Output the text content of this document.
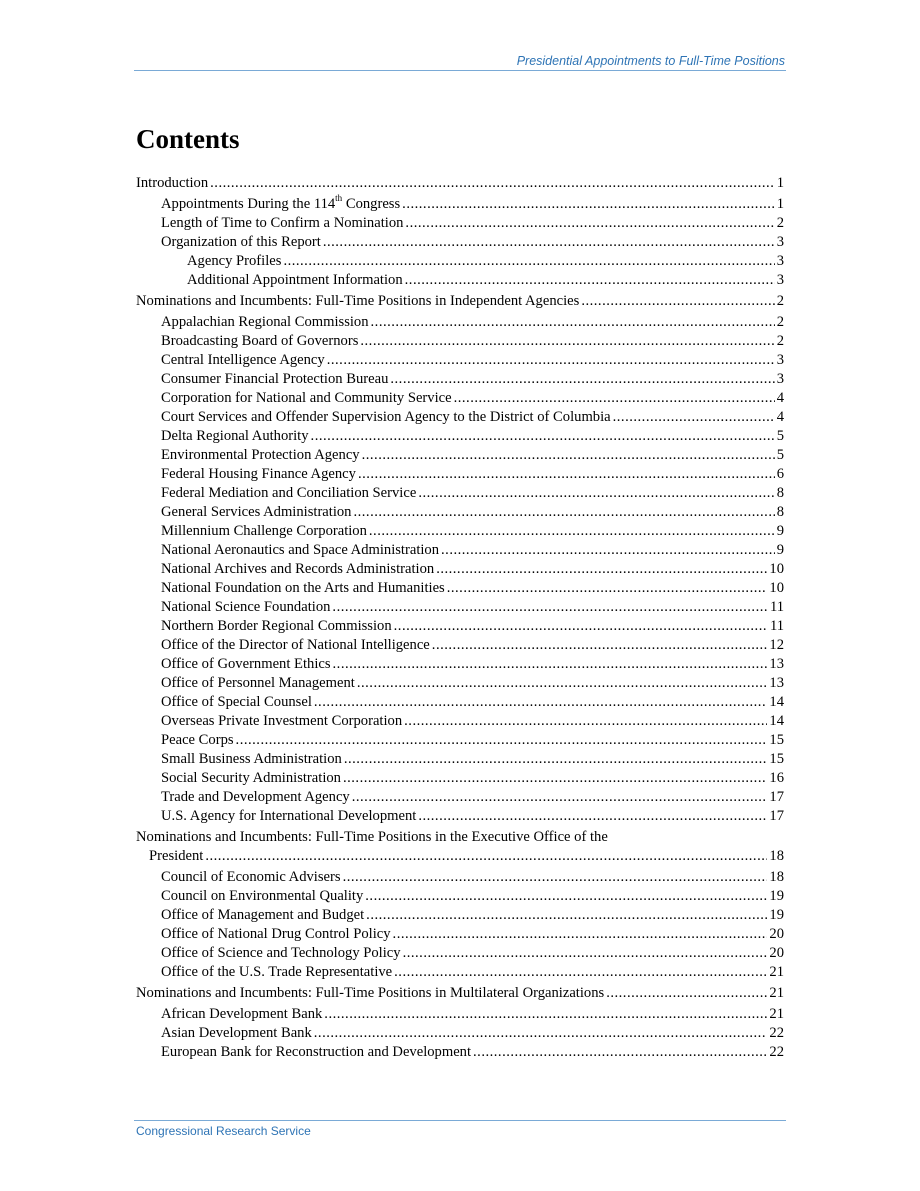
Presidential Appointments to Full-Time Positions
Contents
Introduction .....	1
Appointments During the 114th Congress .....	1
Length of Time to Confirm a Nomination .....	2
Organization of this Report .....	3
Agency Profiles .....	3
Additional Appointment Information .....	3
Nominations and Incumbents: Full-Time Positions in Independent Agencies .....	2
Appalachian Regional Commission .....	2
Broadcasting Board of Governors .....	2
Central Intelligence Agency .....	3
Consumer Financial Protection Bureau .....	3
Corporation for National and Community Service .....	4
Court Services and Offender Supervision Agency to the District of Columbia .....	4
Delta Regional Authority .....	5
Environmental Protection Agency .....	5
Federal Housing Finance Agency .....	6
Federal Mediation and Conciliation Service .....	8
General Services Administration .....	8
Millennium Challenge Corporation .....	9
National Aeronautics and Space Administration .....	9
National Archives and Records Administration .....	10
National Foundation on the Arts and Humanities .....	10
National Science Foundation .....	11
Northern Border Regional Commission .....	11
Office of the Director of National Intelligence .....	12
Office of Government Ethics .....	13
Office of Personnel Management .....	13
Office of Special Counsel .....	14
Overseas Private Investment Corporation .....	14
Peace Corps .....	15
Small Business Administration .....	15
Social Security Administration .....	16
Trade and Development Agency .....	17
U.S. Agency for International Development .....	17
Nominations and Incumbents: Full-Time Positions in the Executive Office of the
President .....	18
Council of Economic Advisers .....	18
Council on Environmental Quality .....	19
Office of Management and Budget .....	19
Office of National Drug Control Policy .....	20
Office of Science and Technology Policy .....	20
Office of the U.S. Trade Representative .....	21
Nominations and Incumbents: Full-Time Positions in Multilateral Organizations .....	21
African Development Bank .....	21
Asian Development Bank .....	22
European Bank for Reconstruction and Development .....	22
Congressional Research Service
